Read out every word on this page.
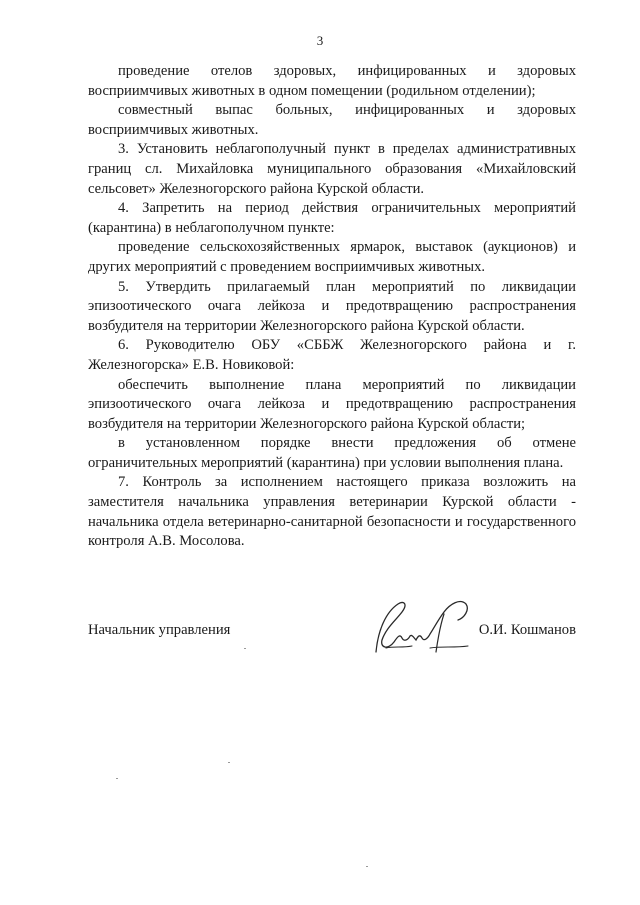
3

проведение отелов здоровых, инфицированных и здоровых восприимчивых животных в одном помещении (родильном отделении);

совместный выпас больных, инфицированных и здоровых восприимчивых животных.

3. Установить неблагополучный пункт в пределах административных границ сл. Михайловка муниципального образования «Михайловский сельсовет» Железногорского района Курской области.

4. Запретить на период действия ограничительных мероприятий (карантина) в неблагополучном пункте:

проведение сельскохозяйственных ярмарок, выставок (аукционов) и других мероприятий с проведением восприимчивых животных.

5. Утвердить прилагаемый план мероприятий по ликвидации эпизоотического очага лейкоза и предотвращению распространения возбудителя на территории Железногорского района Курской области.

6. Руководителю ОБУ «СББЖ Железногорского района и г. Железногорска» Е.В. Новиковой:

обеспечить выполнение плана мероприятий по ликвидации эпизоотического очага лейкоза и предотвращению распространения возбудителя на территории Железногорского района Курской области;

в установленном порядке внести предложения об отмене ограничительных мероприятий (карантина) при условии выполнения плана.

7. Контроль за исполнением настоящего приказа возложить на заместителя начальника управления ветеринарии Курской области - начальника отдела ветеринарно-санитарной безопасности и государственного контроля А.В. Мосолова.

Начальник управления	О.И. Кошманов
